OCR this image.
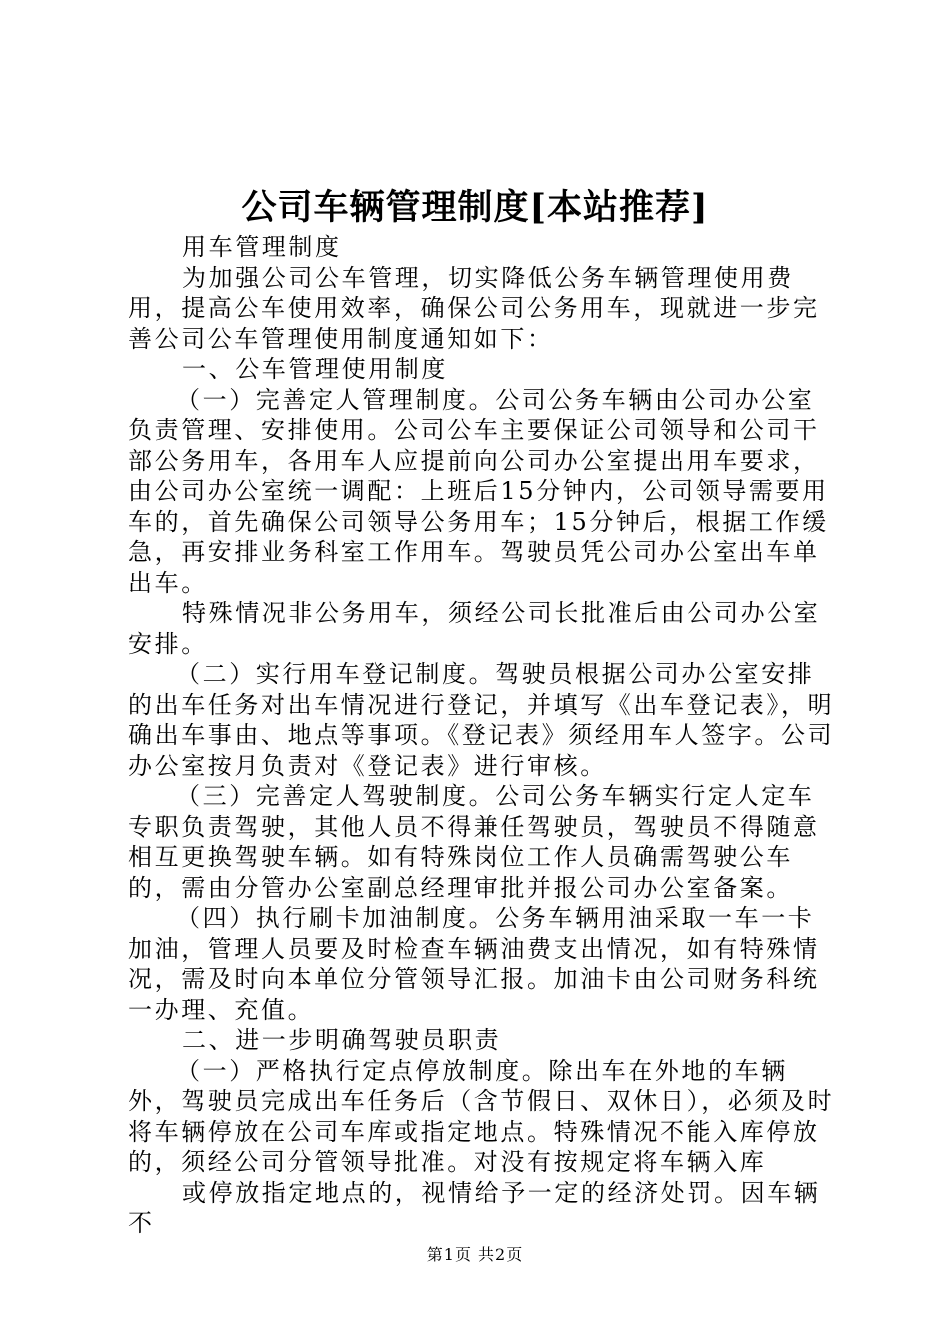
公司车辆管理制度[本站推荐]

用车管理制度

为加强公司公车管理，切实降低公务车辆管理使用费用，提高公车使用效率，确保公司公务用车，现就进一步完善公司公车管理使用制度通知如下：

一、公车管理使用制度

（一）完善定人管理制度。公司公务车辆由公司办公室负责管理、安排使用。公司公车主要保证公司领导和公司干部公务用车，各用车人应提前向公司办公室提出用车要求，由公司办公室统一调配：上班后15分钟内，公司领导需要用车的，首先确保公司领导公务用车；15分钟后，根据工作缓急，再安排业务科室工作用车。驾驶员凭公司办公室出车单出车。

特殊情况非公务用车，须经公司长批准后由公司办公室安排。

（二）实行用车登记制度。驾驶员根据公司办公室安排的出车任务对出车情况进行登记，并填写《出车登记表》，明确出车事由、地点等事项。《登记表》须经用车人签字。公司办公室按月负责对《登记表》进行审核。

（三）完善定人驾驶制度。公司公务车辆实行定人定车专职负责驾驶，其他人员不得兼任驾驶员，驾驶员不得随意相互更换驾驶车辆。如有特殊岗位工作人员确需驾驶公车的，需由分管办公室副总经理审批并报公司办公室备案。

（四）执行刷卡加油制度。公务车辆用油采取一车一卡加油，管理人员要及时检查车辆油费支出情况，如有特殊情况，需及时向本单位分管领导汇报。加油卡由公司财务科统一办理、充值。

二、进一步明确驾驶员职责

（一）严格执行定点停放制度。除出车在外地的车辆外，驾驶员完成出车任务后（含节假日、双休日），必须及时将车辆停放在公司车库或指定地点。特殊情况不能入库停放的，须经公司分管领导批准。对没有按规定将车辆入库

或停放指定地点的，视情给予一定的经济处罚。因车辆不

第1页 共2页
